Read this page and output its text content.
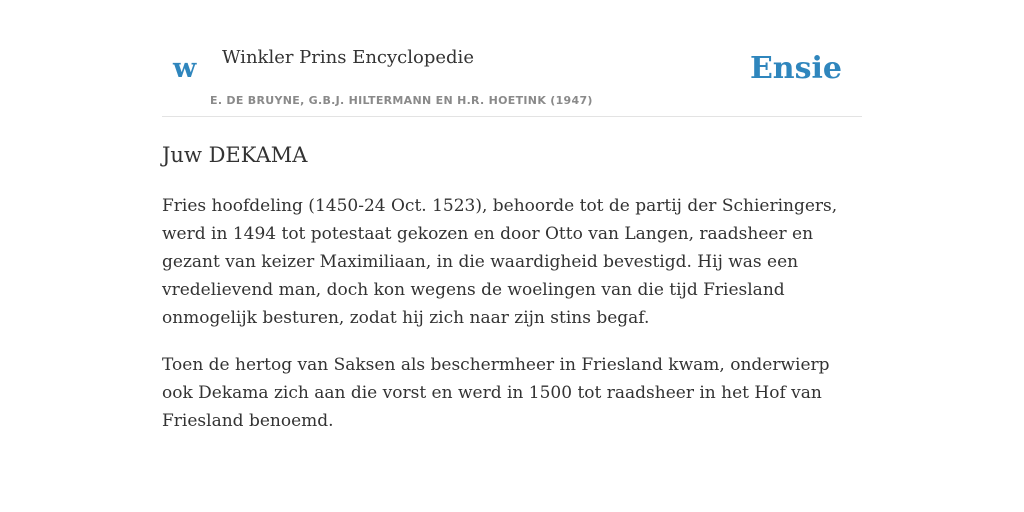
w Winkler Prins Encyclopedie
E. DE BRUYNE, G.B.J. HILTERMANN EN H.R. HOETINK (1947)
Ensie
Juw DEKAMA

Fries hoofdeling (1450-24 Oct. 1523), behoorde tot de partij der Schieringers, werd in 1494 tot potestaat gekozen en door Otto van Langen, raadsheer en gezant van keizer Maximiliaan, in die waardigheid bevestigd. Hij was een vredelievend man, doch kon wegens de woelingen van die tijd Friesland onmogelijk besturen, zodat hij zich naar zijn stins begaf.

Toen de hertog van Saksen als beschermheer in Friesland kwam, onderwierp ook Dekama zich aan die vorst en werd in 1500 tot raadsheer in het Hof van Friesland benoemd.
